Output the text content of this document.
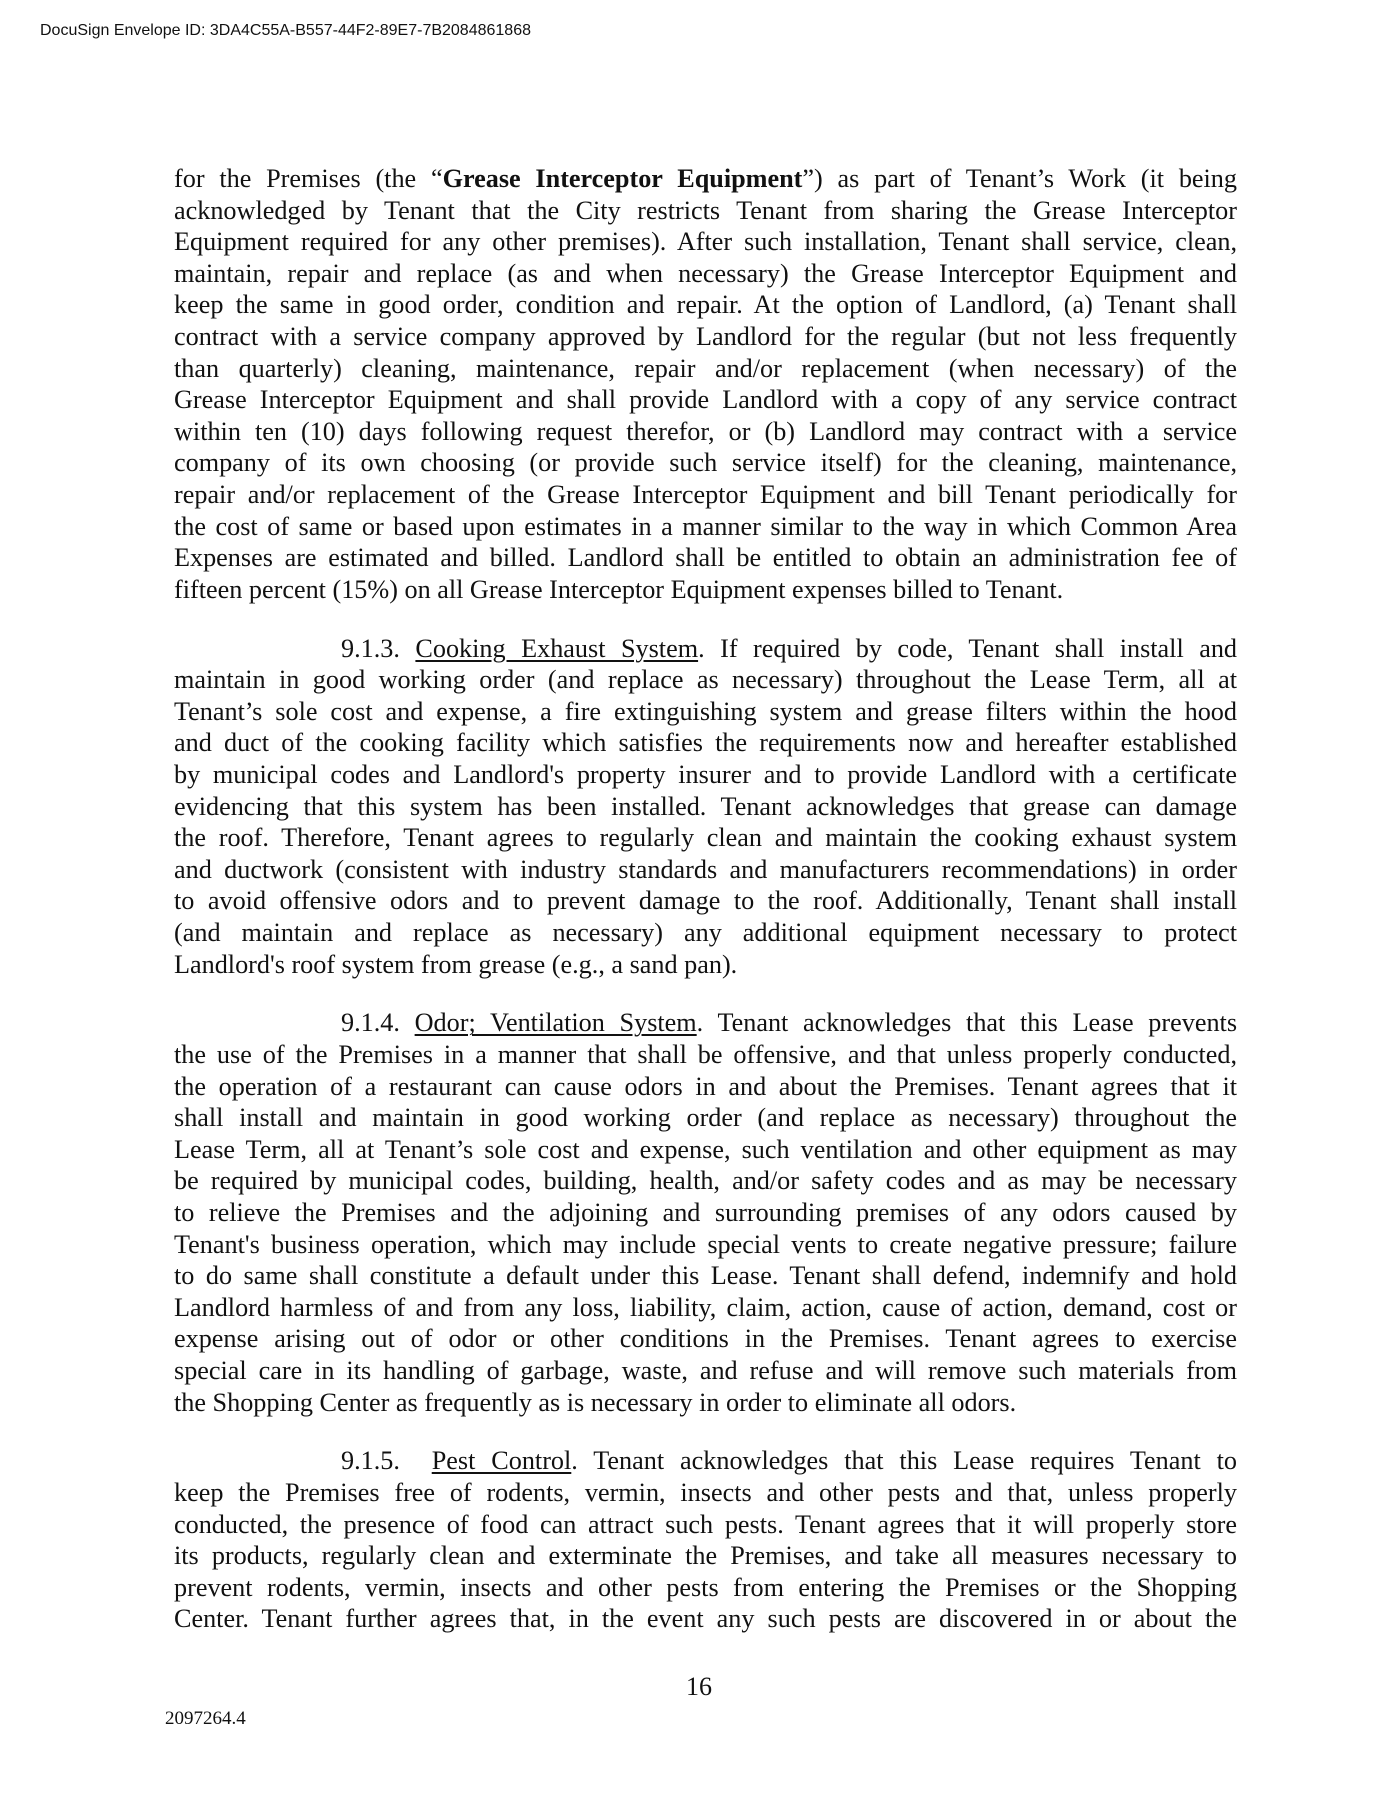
DocuSign Envelope ID: 3DA4C55A-B557-44F2-89E7-7B2084861868
for the Premises (the “Grease Interceptor Equipment”) as part of Tenant’s Work (it being
acknowledged by Tenant that the City restricts Tenant from sharing the Grease Interceptor
Equipment required for any other premises). After such installation, Tenant shall service, clean,
maintain, repair and replace (as and when necessary) the Grease Interceptor Equipment and
keep the same in good order, condition and repair. At the option of Landlord, (a) Tenant shall
contract with a service company approved by Landlord for the regular (but not less frequently
than quarterly) cleaning, maintenance, repair and/or replacement (when necessary) of the
Grease Interceptor Equipment and shall provide Landlord with a copy of any service contract
within ten (10) days following request therefor, or (b) Landlord may contract with a service
company of its own choosing (or provide such service itself) for the cleaning, maintenance,
repair and/or replacement of the Grease Interceptor Equipment and bill Tenant periodically for
the cost of same or based upon estimates in a manner similar to the way in which Common Area
Expenses are estimated and billed. Landlord shall be entitled to obtain an administration fee of
fifteen percent (15%) on all Grease Interceptor Equipment expenses billed to Tenant.
9.1.3. Cooking Exhaust System. If required by code, Tenant shall install and
maintain in good working order (and replace as necessary) throughout the Lease Term, all at
Tenant’s sole cost and expense, a fire extinguishing system and grease filters within the hood
and duct of the cooking facility which satisfies the requirements now and hereafter established
by municipal codes and Landlord's property insurer and to provide Landlord with a certificate
evidencing that this system has been installed. Tenant acknowledges that grease can damage
the roof. Therefore, Tenant agrees to regularly clean and maintain the cooking exhaust system
and ductwork (consistent with industry standards and manufacturers recommendations) in order
to avoid offensive odors and to prevent damage to the roof. Additionally, Tenant shall install
(and maintain and replace as necessary) any additional equipment necessary to protect
Landlord's roof system from grease (e.g., a sand pan).
9.1.4. Odor; Ventilation System. Tenant acknowledges that this Lease prevents
the use of the Premises in a manner that shall be offensive, and that unless properly conducted,
the operation of a restaurant can cause odors in and about the Premises. Tenant agrees that it
shall install and maintain in good working order (and replace as necessary) throughout the
Lease Term, all at Tenant’s sole cost and expense, such ventilation and other equipment as may
be required by municipal codes, building, health, and/or safety codes and as may be necessary
to relieve the Premises and the adjoining and surrounding premises of any odors caused by
Tenant's business operation, which may include special vents to create negative pressure; failure
to do same shall constitute a default under this Lease. Tenant shall defend, indemnify and hold
Landlord harmless of and from any loss, liability, claim, action, cause of action, demand, cost or
expense arising out of odor or other conditions in the Premises. Tenant agrees to exercise
special care in its handling of garbage, waste, and refuse and will remove such materials from
the Shopping Center as frequently as is necessary in order to eliminate all odors.
9.1.5.  Pest Control. Tenant acknowledges that this Lease requires Tenant to
keep the Premises free of rodents, vermin, insects and other pests and that, unless properly
conducted, the presence of food can attract such pests. Tenant agrees that it will properly store
its products, regularly clean and exterminate the Premises, and take all measures necessary to
prevent rodents, vermin, insects and other pests from entering the Premises or the Shopping
Center. Tenant further agrees that, in the event any such pests are discovered in or about the
16
2097264.4
